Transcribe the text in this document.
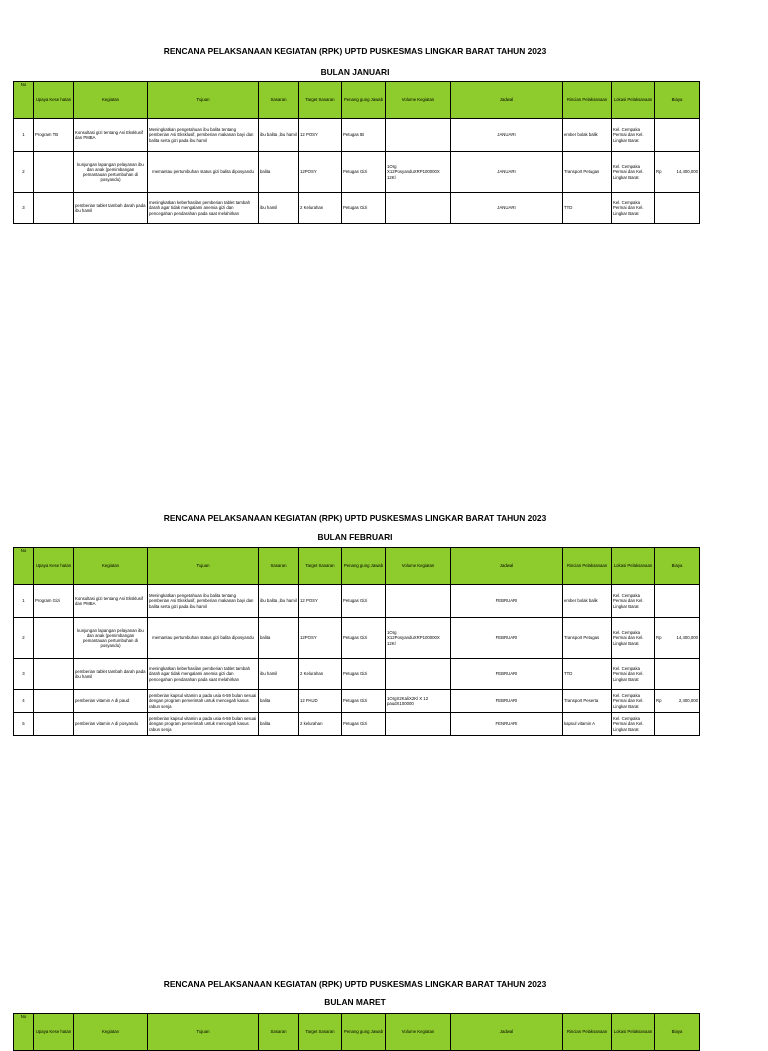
RENCANA PELAKSANAAN KEGIATAN (RPK) UPTD PUSKESMAS LINGKAR BARAT TAHUN 2023
BULAN JANUARI
No	Upaya Kese hatan	Kegiatan	Tujuan	Sasaran	Target Sasaran	Penang gung Jawab	Volume Kegiatan	Jadwal	Rincian Pelaksanaan	Lokasi Pelaksanaan	Biaya
1	Program TB	Konsultasi gizi tentang Asi Eksklusif dan PMBA	Meningkatkan pengetahuan ibu balita tentang pemberian Asi Eksklusif, pemberian makanan bayi dan balita serta gizi pada ibu hamil	ibu balita ,ibu hamil	12 POSY	Petugas tB		JANUARI	ember bolak balik	Kel. Cempaka Permai dan Kel. Lingkar Barat	

2		kunjungan lapangan pelayanan ibu dan anak (pemimbangan pemantauan pertumbuhan di posyandu)	memantau pertumbuhan status gizi balita diposyandu	balita	12POSY	Petugas Gizi	1Org X12PosyanduXRP100000X 12Kl	JANUARI	Transport Petugas	Kel. Cempaka Permai dan Kel. Lingkar Barat	Rp 14,400,000

3		pemberian tablet tambah darah pada ibu hamil	meningkatkan keberhasilan pemberian tablet tambah darah agar tidak mengalami anemia gizi dan pencegahan pendarahan pada saat melahirkan	ibu hamil	2 Kelurahan	Petugas Gizi		JANUARI	TTD	Kel. Cempaka Permai dan Kel. Lingkar Barat	
RENCANA PELAKSANAAN KEGIATAN (RPK) UPTD PUSKESMAS LINGKAR BARAT TAHUN 2023
BULAN FEBRUARI
No	Upaya Kese hatan	Kegiatan	Tujuan	Sasaran	Target Sasaran	Penang gung Jawab	Volume Kegiatan	Jadwal	Rincian Pelaksanaan	Lokasi Pelaksanaan	Biaya
1	Program Gizi	Konsultasi gizi tentang Asi Eksklusif dan PMBA	Meningkatkan pengetahuan ibu balita tentang pemberian Asi Eksklusif, pemberian makanan bayi dan balita serta gizi pada ibu hamil	ibu balita ,ibu hamil	12 POSY	Petugas Gizi		FEBRUARI	ember bolak balik	Kel. Cempaka Permai dan Kel. Lingkar Barat	

2		kunjungan lapangan pelayanan ibu dan anak (pemimbangan pemantauan pertumbuhan di posyandu)	memantau pertumbuhan status gizi balita diposyandu	balita	12POSY	Petugas Gizi	1Org X12PosyanduXRP100000X 12Kl	FEBRUARI	Transport Petugas	Kel. Cempaka Permai dan Kel. Lingkar Barat	Rp 14,400,000

3		pemberian tablet tambah darah pada ibu hamil	meningkatkan keberhasilan pemberian tablet tambah darah agar tidak mengalami anemia gizi dan pencegahan pendarahan pada saat melahirkan	ibu hamil	2 Kelurahan	Petugas Gizi		FEBRUARI	TTD	Kel. Cempaka Permai dan Kel. Lingkar Barat	

4		pemberian vitamin A di paud	pemberian kapsul vitamin a pada usia 6-59 bulan sesuai dengan program pemerintah untuk mencegah kasus rabun senja	balita	12 PAUD	Petugas Gizi	1OrgX2KaliX2Kl X 12 paudX100000	FEBRUARI	Transport Peserta	Kel. Cempaka Permai dan Kel. Lingkar Barat	Rp 2,400,000

5		pemberian vitamin A di posyandu	pemberian kapsul vitamin a pada usia 6-59 bulan sesuai dengan program pemerintah untuk mencegah kasus rabun senja	balita	2 kelurahan	Petugas Gizi		FENRUARI	kapsul vitamin A	Kel. Cempaka Permai dan Kel. Lingkar Barat	
RENCANA PELAKSANAAN KEGIATAN (RPK) UPTD PUSKESMAS LINGKAR BARAT TAHUN 2023
BULAN MARET
No	Upaya Kese hatan	Kegiatan	Tujuan	Sasaran	Target Sasaran	Penang gung Jawab	Volume Kegiatan	Jadwal	Rincian Pelaksanaan	Lokasi Pelaksanaan	Biaya
